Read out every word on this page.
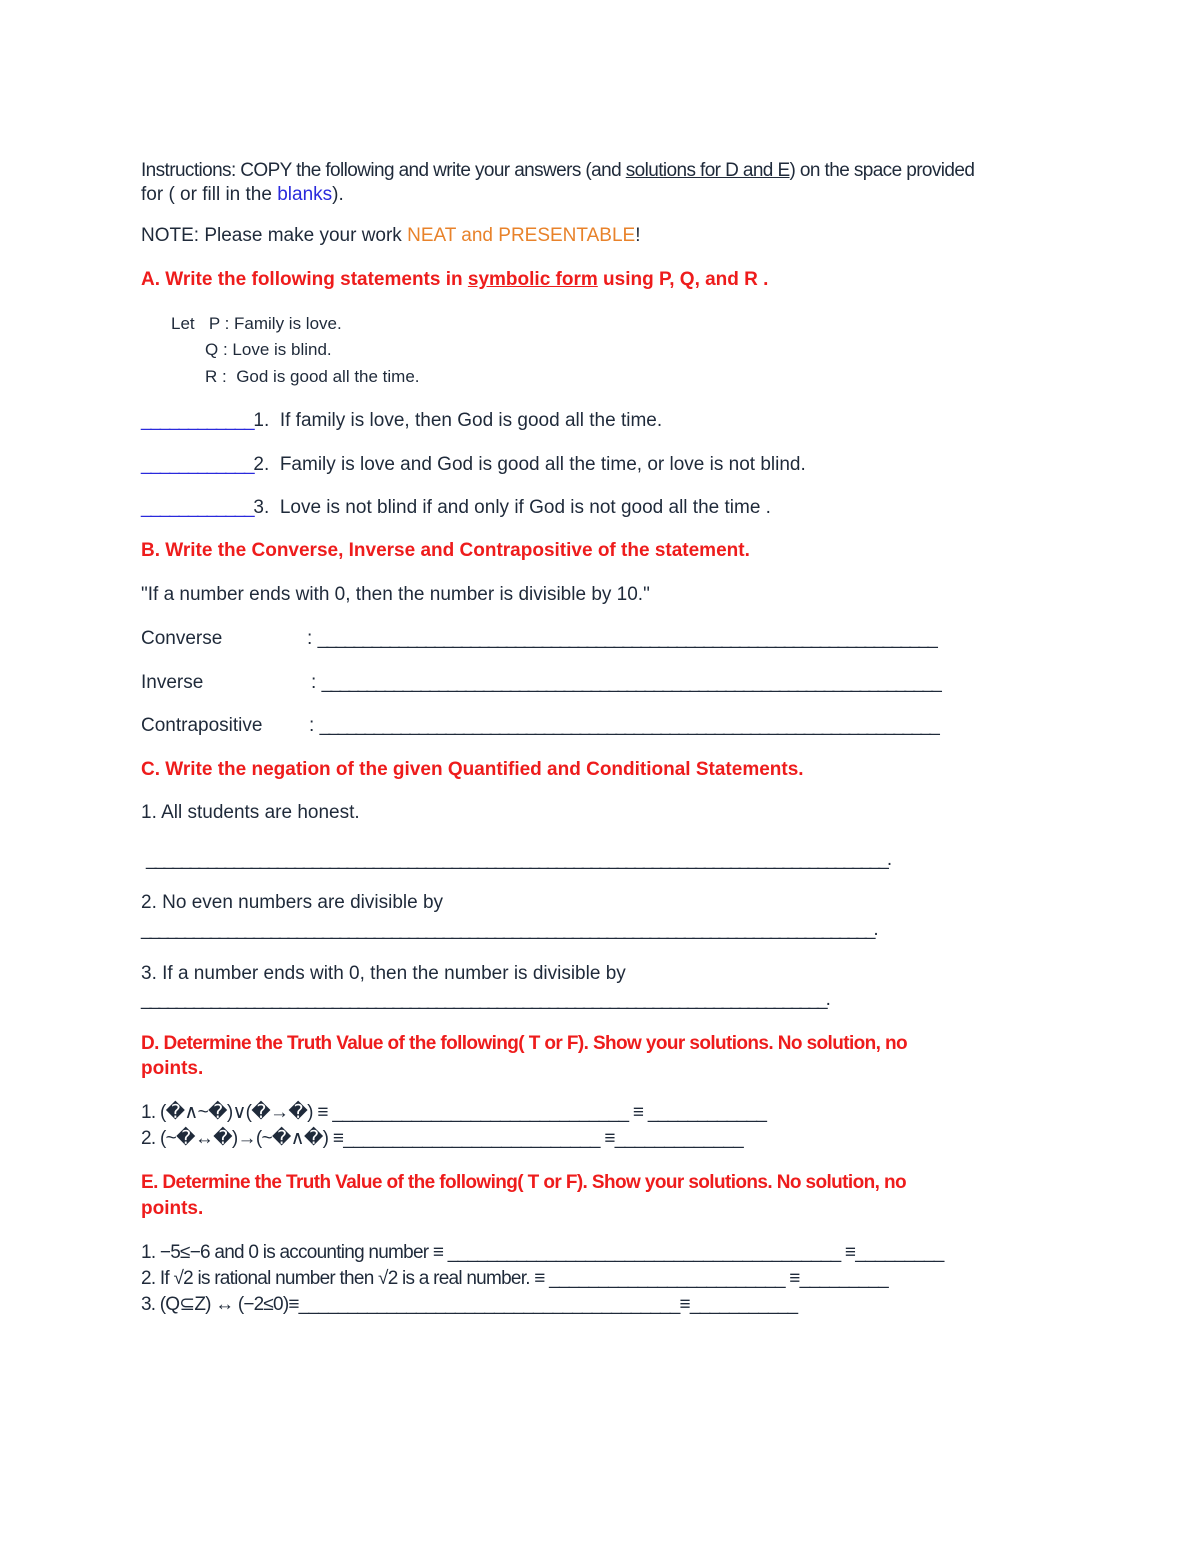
Instructions: COPY the following and write your answers (and solutions for D and E) on the space provided
for ( or fill in the blanks).
NOTE: Please make your work NEAT and PRESENTABLE!
A. Write the following statements in symbolic form using P, Q, and R .
Let P : Family is love.
Q : Love is blind.
R : God is good all the time.
____________1. If family is love, then God is good all the time.
____________2. Family is love and God is good all the time, or love is not blind.
____________3. Love is not blind if and only if God is not good all the time .
B. Write the Converse, Inverse and Contrapositive of the statement.
"If a number ends with 0, then the number is divisible by 10."
Converse	: _____________________________________________________________________
Inverse	: _____________________________________________________________________
Contrapositive : _____________________________________________________________________
C. Write the negation of the given Quantified and Conditional Statements.
1. All students are honest.
_____________________________________________________________________________________.
2. No even numbers are divisible by
_____________________________________________________________________________________.
3. If a number ends with 0, then the number is divisible by
_______________________________________________________________________________.
D. Determine the Truth Value of the following( T or F). Show your solutions. No solution, no
points.
1. (�∧~�)∨(�→�) ≡ ______________________________ ≡ ____________
2. (~�↔�)→(~�∧�) ≡__________________________ ≡_____________
E. Determine the Truth Value of the following( T or F). Show your solutions. No solution, no
points.
1. −5≤−6 and 0 is accounting number ≡ ________________________________________ ≡_________
2. If √2 is rational number then √2 is a real number. ≡ ________________________ ≡_________
3. (Q⊆Z) ↔ (−2≤0)≡_______________________________________≡___________
